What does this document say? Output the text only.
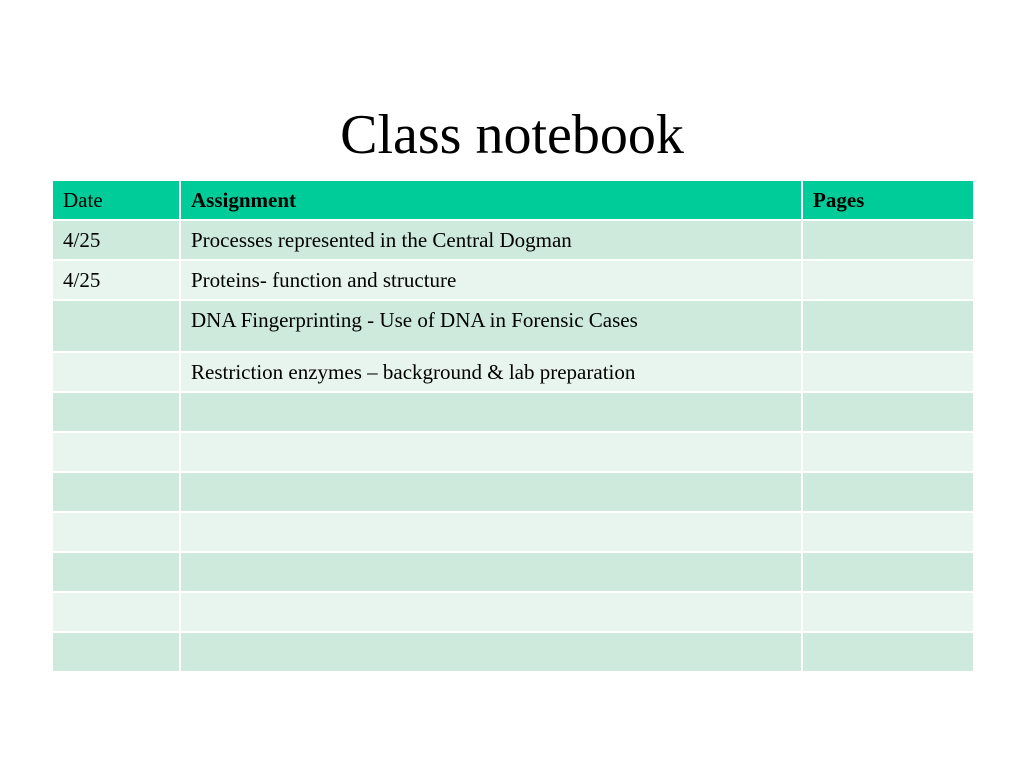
Class notebook
Date	Assignment	Pages
4/25	Processes represented in the Central Dogman	
4/25	Proteins- function and structure	
	DNA Fingerprinting - Use of DNA in Forensic Cases	
	Restriction enzymes – background & lab preparation	
